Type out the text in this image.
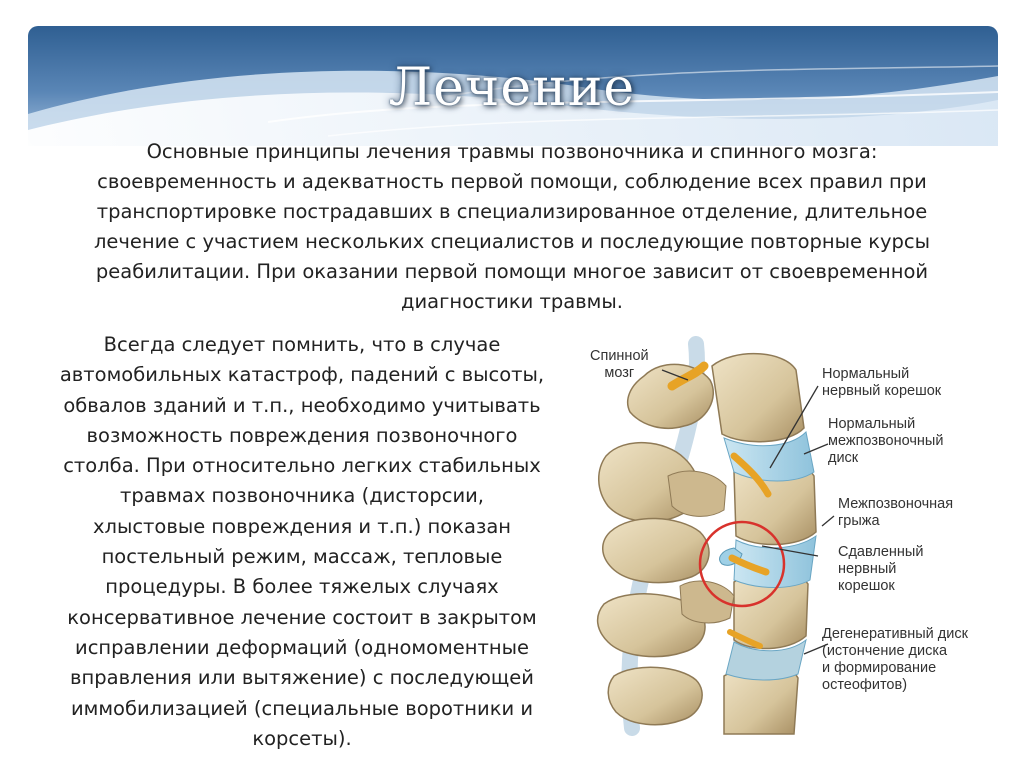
Лечение
Основные принципы лечения травмы позвоночника и спинного мозга:
своевременность и адекватность первой помощи, соблюдение всех правил при
транспортировке пострадавших в специализированное отделение, длительное
лечение с участием нескольких специалистов и последующие повторные курсы
реабилитации. При оказании первой помощи многое зависит от своевременной
диагностики травмы.
Всегда следует помнить, что в случае
автомобильных катастроф, падений с высоты,
обвалов зданий и т.п., необходимо учитывать
возможность повреждения позвоночного
столба. При относительно легких стабильных
травмах позвоночника (дисторсии,
хлыстовые повреждения и т.п.) показан
постельный режим, массаж, тепловые
процедуры. В более тяжелых случаях
консервативное лечение состоит в закрытом
исправлении деформаций (одномоментные
вправления или вытяжение) с последующей
иммобилизацией (специальные воротники и
корсеты).
Спинной
мозг	Нормальный
нервный корешок
Нормальный
межпозвоночный
диск
Межпозвоночная
грыжа
Сдавленный
нервный
корешок
Дегенеративный диск
(истончение диска
и формирование
остеофитов)
